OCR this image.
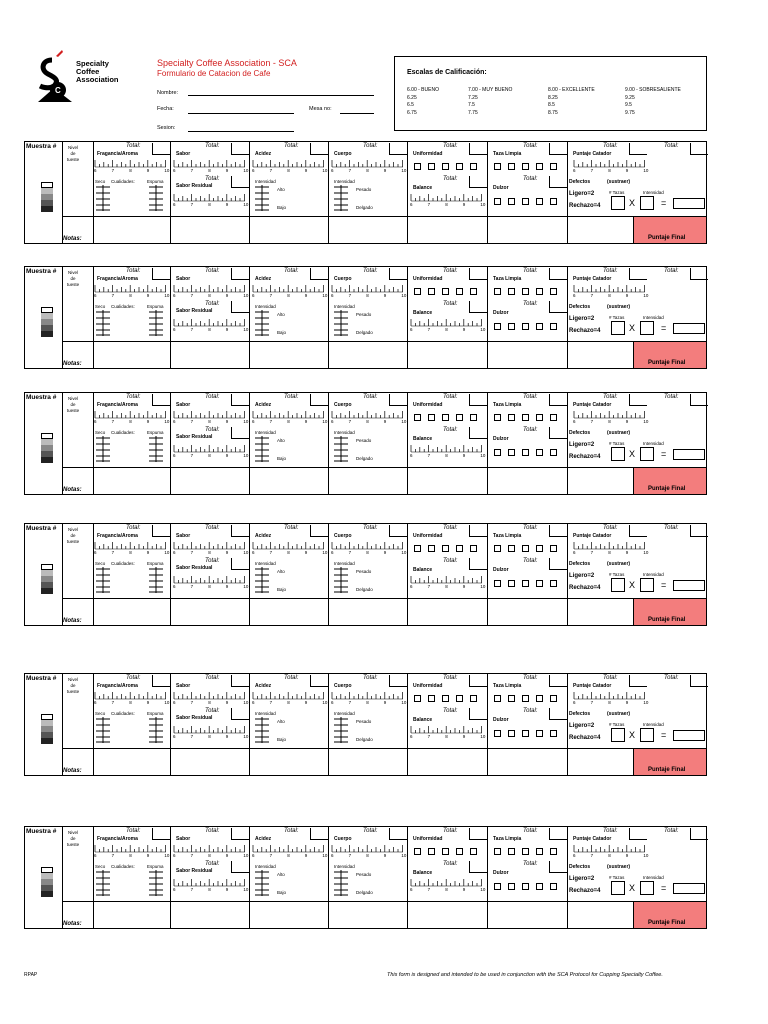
C
Specialty
Coffee
Association
Specialty Coffee Association - SCA
Formulario de Catacion de Cafe
Nombre:
Fecha:	Mesa no:
Sesion:
Escalas de Calificación:
6.00 - BUENO
6.25
6.5
6.75
7.00 - MUY BUENO
7.25
7.5
7.75
8.00 - EXCELLENTE
8.25
8.5
8.75
9.00 - SOBRESALIENTE
9.25
9.5
9.75
Muestra #	Nivel de tueste
Notas:	Puntaje Final
Fragancia/Aroma	Sabor	Acidez	Cuerpo	Uniformidad	Taza Limpia	Puntaje Catador
Total:	Total:	Total:	Total:	Total:	Total:	Total:	Total:
6	7	8	9	10 6	7	8	9	10 6	7	8	9	10 6	7	8	9	10	6	7	8	9	10
Seco Cualidades:	Espuma
Sabor Residual
Total:
6	7	8	9	10
Intensidad
Alto
Bajo
Intensidad
Pesado
Delgado
Balance
Total:
6	7	8	9	10
Dulzor
Total:	Defectos	(sustraer)
# Tazas	Intensidad
Ligero=2
Rechazo=4	X	=
Muestra #	Nivel de tueste
Notas:	Puntaje Final
Fragancia/Aroma	Sabor	Acidez	Cuerpo	Uniformidad	Taza Limpia	Puntaje Catador
Total:	Total:	Total:	Total:	Total:	Total:	Total:	Total:
6	7	8	9	10 6	7	8	9	10 6	7	8	9	10 6	7	8	9	10	6	7	8	9	10
Seco Cualidades:	Espuma
Sabor Residual
Total:
6	7	8	9	10
Intensidad
Alto
Bajo
Intensidad
Pesado
Delgado
Balance
Total:
6	7	8	9	10
Dulzor
Total:	Defectos	(sustraer)
# Tazas	Intensidad
Ligero=2
Rechazo=4	X	=
Muestra #	Nivel de tueste
Notas:	Puntaje Final
Fragancia/Aroma	Sabor	Acidez	Cuerpo	Uniformidad	Taza Limpia	Puntaje Catador
Total:	Total:	Total:	Total:	Total:	Total:	Total:	Total:
6	7	8	9	10 6	7	8	9	10 6	7	8	9	10 6	7	8	9	10	6	7	8	9	10
Seco Cualidades:	Espuma
Sabor Residual
Total:
6	7	8	9	10
Intensidad
Alto
Bajo
Intensidad
Pesado
Delgado
Balance
Total:
6	7	8	9	10
Dulzor
Total:	Defectos	(sustraer)
# Tazas	Intensidad
Ligero=2
Rechazo=4	X	=
Muestra #	Nivel de tueste
Notas:	Puntaje Final
Fragancia/Aroma	Sabor	Acidez	Cuerpo	Uniformidad	Taza Limpia	Puntaje Catador
Total:	Total:	Total:	Total:	Total:	Total:	Total:	Total:
6	7	8	9	10 6	7	8	9	10 6	7	8	9	10 6	7	8	9	10	6	7	8	9	10
Seco Cualidades:	Espuma
Sabor Residual
Total:
6	7	8	9	10
Intensidad
Alto
Bajo
Intensidad
Pesado
Delgado
Balance
Total:
6	7	8	9	10
Dulzor
Total:	Defectos	(sustraer)
# Tazas	Intensidad
Ligero=2
Rechazo=4	X	=
Muestra #	Nivel de tueste
Notas:	Puntaje Final
Fragancia/Aroma	Sabor	Acidez	Cuerpo	Uniformidad	Taza Limpia	Puntaje Catador
Total:	Total:	Total:	Total:	Total:	Total:	Total:	Total:
6	7	8	9	10 6	7	8	9	10 6	7	8	9	10 6	7	8	9	10	6	7	8	9	10
Seco Cualidades:	Espuma
Sabor Residual
Total:
6	7	8	9	10
Intensidad
Alto
Bajo
Intensidad
Pesado
Delgado
Balance
Total:
6	7	8	9	10
Dulzor
Total:	Defectos	(sustraer)
# Tazas	Intensidad
Ligero=2
Rechazo=4	X	=
Muestra #	Nivel de tueste
Notas:	Puntaje Final
Fragancia/Aroma	Sabor	Acidez	Cuerpo	Uniformidad	Taza Limpia	Puntaje Catador
Total:	Total:	Total:	Total:	Total:	Total:	Total:	Total:
6	7	8	9	10 6	7	8	9	10 6	7	8	9	10 6	7	8	9	10	6	7	8	9	10
Seco Cualidades:	Espuma
Sabor Residual
Total:
6	7	8	9	10
Intensidad
Alto
Bajo
Intensidad
Pesado
Delgado
Balance
Total:
6	7	8	9	10
Dulzor
Total:	Defectos	(sustraer)
# Tazas	Intensidad
Ligero=2
Rechazo=4	X	=
RPAP	This form is designed and intended to be used in conjunction with the SCA Protocol for Cupping Specialty Coffee.
